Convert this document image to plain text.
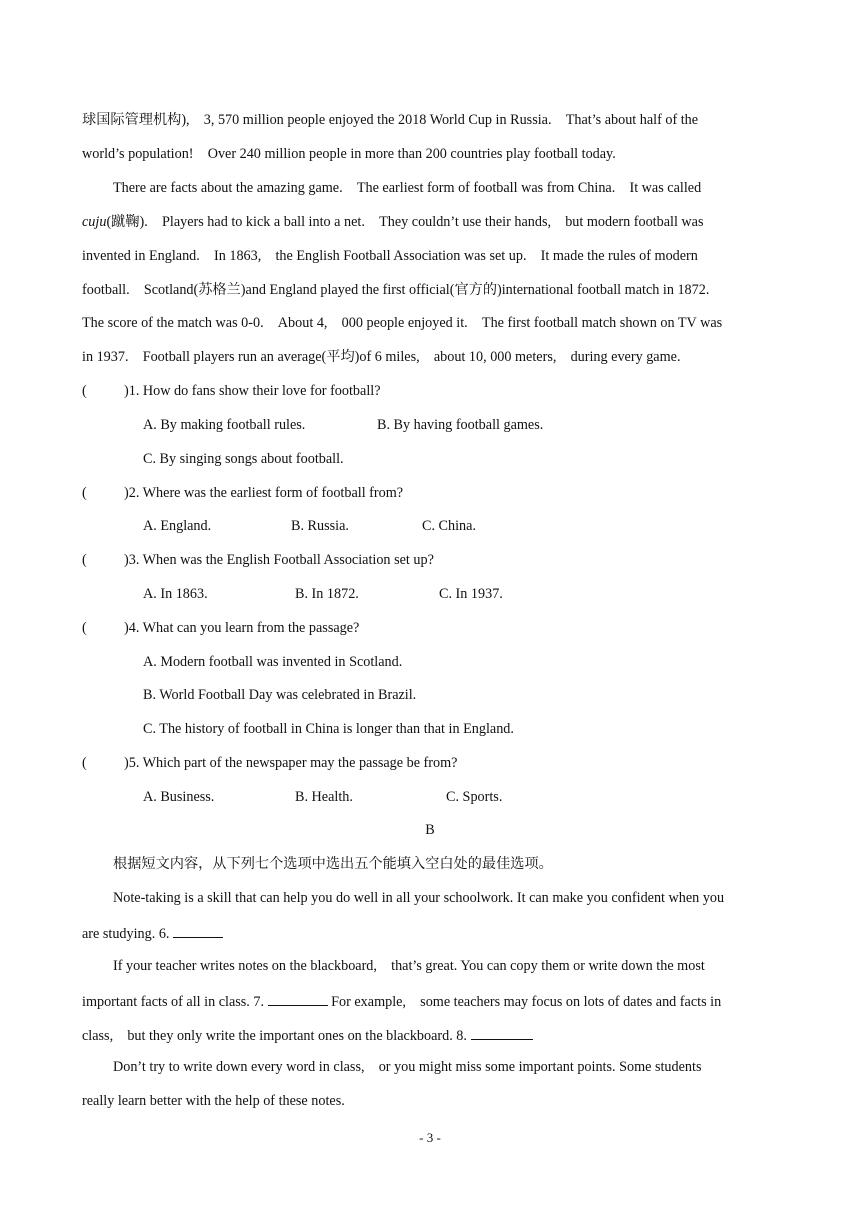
球国际管理机构),　3, 570 million people enjoyed the 2018 World Cup in Russia.　That’s about half of the
world’s population!　Over 240 million people in more than 200 countries play football today.
There are facts about the amazing game.　The earliest form of football was from China.　It was called
cuju(蹴鞠).　Players had to kick a ball into a net.　They couldn’t use their hands,　but modern football was
invented in England.　In 1863,　the English Football Association was set up.　It made the rules of modern
football.　Scotland(苏格兰)and England played the first official(官方的)international football match in 1872.
The score of the match was 0-0.　About 4,　000 people enjoyed it.　The first football match shown on TV was
in 1937.　Football players run an average(平均)of 6 miles,　about 10, 000 meters,　during every game.
(	)1. How do fans show their love for football?
A. By making football rules.	B. By having football games.
C. By singing songs about football.
(	)2. Where was the earliest form of football from?
A. England.	B. Russia.	C. China.
(	)3. When was the English Football Association set up?
A. In 1863.	B. In 1872.	C. In 1937.
(	)4. What can you learn from the passage?
A. Modern football was invented in Scotland.
B. World Football Day was celebrated in Brazil.
C. The history of football in China is longer than that in England.
(	)5. Which part of the newspaper may the passage be from?
A. Business.	B. Health.	C. Sports.
B
根据短文内容，从下列七个选项中选出五个能填入空白处的最佳选项。
Note-taking is a skill that can help you do well in all your schoolwork. It can make you confident when you
are studying. 6.
If your teacher writes notes on the blackboard,　that’s great. You can copy them or write down the most
important facts of all in class. 7.	For example,　some teachers may focus on lots of dates and facts in
class,　but they only write the important ones on the blackboard. 8.
Don’t try to write down every word in class,　or you might miss some important points. Some students
really learn better with the help of these notes.
- 3 -
